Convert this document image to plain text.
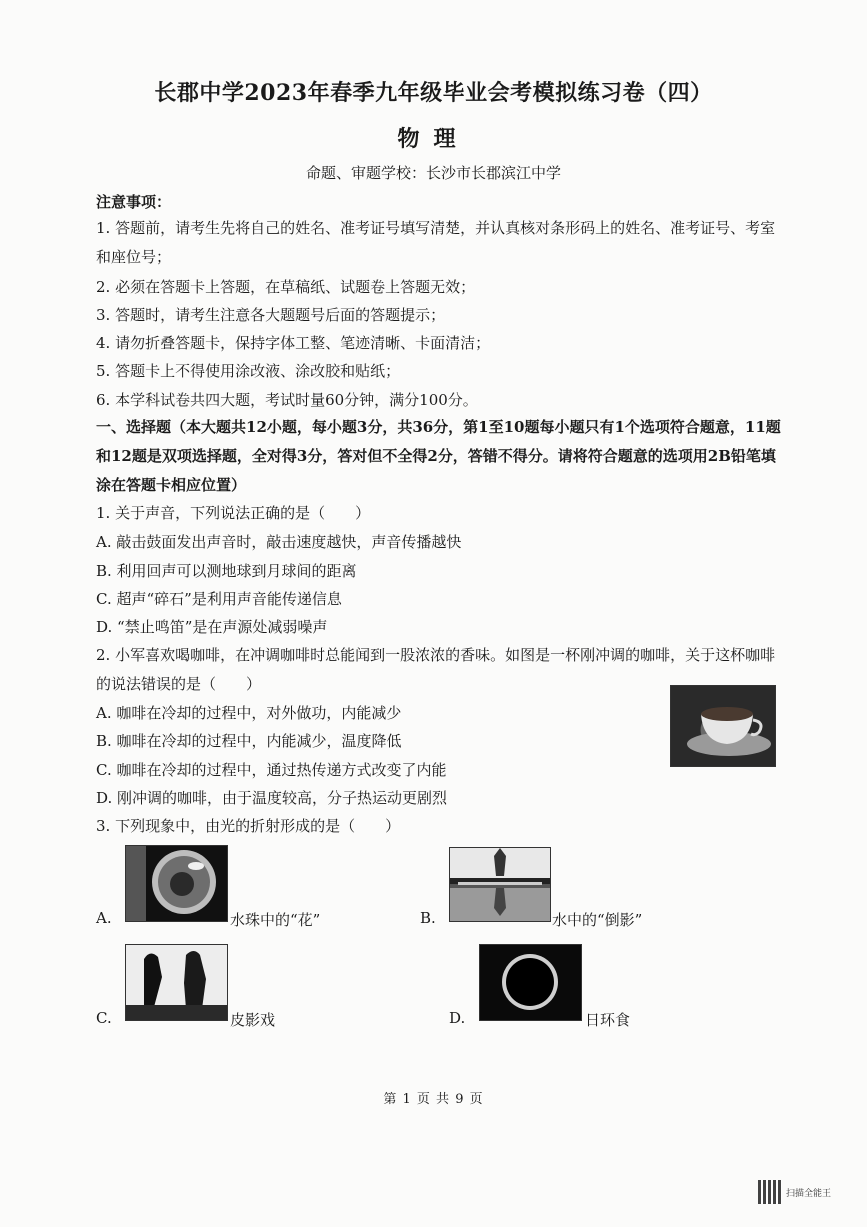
长郡中学2023年春季九年级毕业会考模拟练习卷（四）
物理
命题、审题学校：长沙市长郡滨江中学
注意事项：
1. 答题前，请考生先将自己的姓名、准考证号填写清楚，并认真核对条形码上的姓名、准考证号、考室和座位号；
2. 必须在答题卡上答题，在草稿纸、试题卷上答题无效；
3. 答题时，请考生注意各大题题号后面的答题提示；
4. 请勿折叠答题卡，保持字体工整、笔迹清晰、卡面清洁；
5. 答题卡上不得使用涂改液、涂改胶和贴纸；
6. 本学科试卷共四大题，考试时量60分钟，满分100分。
一、选择题（本大题共12小题，每小题3分，共36分，第1至10题每小题只有1个选项符合题意，11题和12题是双项选择题，全对得3分，答对但不全得2分，答错不得分。请将符合题意的选项用2B铅笔填涂在答题卡相应位置）
1. 关于声音，下列说法正确的是（　　）
A. 敲击鼓面发出声音时，敲击速度越快，声音传播越快
B. 利用回声可以测地球到月球间的距离
C. 超声“碎石”是利用声音能传递信息
D. “禁止鸣笛”是在声源处减弱噪声
2. 小军喜欢喝咖啡，在冲调咖啡时总能闻到一股浓浓的香味。如图是一杯刚冲调的咖啡，关于这杯咖啡的说法错误的是（　　）
A. 咖啡在冷却的过程中，对外做功，内能减少
B. 咖啡在冷却的过程中，内能减少，温度降低
C. 咖啡在冷却的过程中，通过热传递方式改变了内能
D. 刚冲调的咖啡，由于温度较高，分子热运动更剧烈
3. 下列现象中，由光的折射形成的是（　　）
A.	水珠中的“花”	B.	水中的“倒影”
C.	皮影戏	D.	日环食
第 1 页 共 9 页
扫描全能王
